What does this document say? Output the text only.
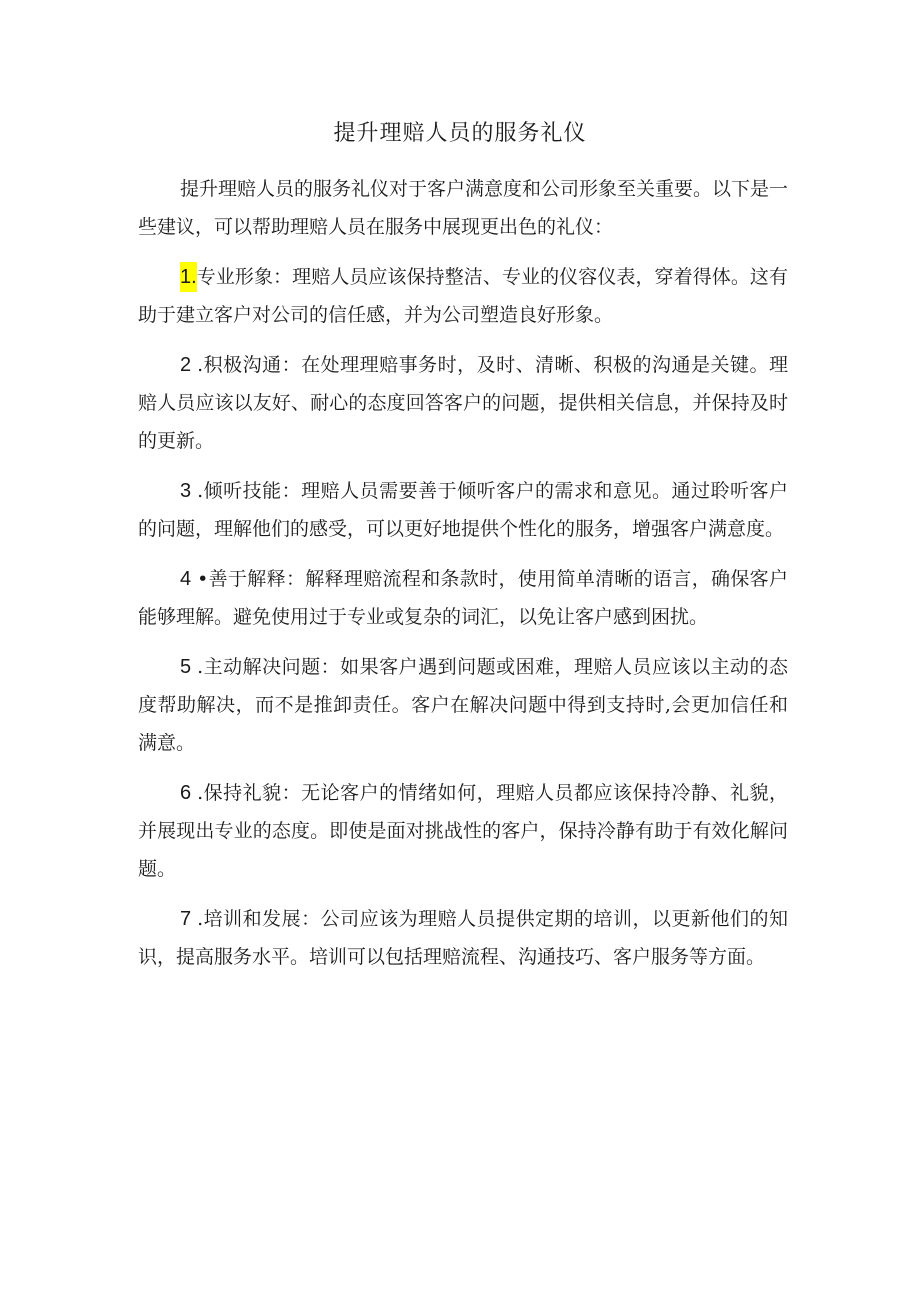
提升理赔人员的服务礼仪

提升理赔人员的服务礼仪对于客户满意度和公司形象至关重要。以下是一些建议，可以帮助理赔人员在服务中展现更出色的礼仪：

1.专业形象：理赔人员应该保持整洁、专业的仪容仪表，穿着得体。这有助于建立客户对公司的信任感，并为公司塑造良好形象。

2 .积极沟通：在处理理赔事务时，及时、清晰、积极的沟通是关键。理赔人员应该以友好、耐心的态度回答客户的问题，提供相关信息，并保持及时的更新。

3 .倾听技能：理赔人员需要善于倾听客户的需求和意见。通过聆听客户的问题，理解他们的感受，可以更好地提供个性化的服务，增强客户满意度。

4 •善于解释：解释理赔流程和条款时，使用简单清晰的语言，确保客户能够理解。避免使用过于专业或复杂的词汇，以免让客户感到困扰。

5 .主动解决问题：如果客户遇到问题或困难，理赔人员应该以主动的态度帮助解决，而不是推卸责任。客户在解决问题中得到支持时,会更加信任和满意。

6 .保持礼貌：无论客户的情绪如何，理赔人员都应该保持冷静、礼貌，并展现出专业的态度。即使是面对挑战性的客户，保持冷静有助于有效化解问题。

7 .培训和发展：公司应该为理赔人员提供定期的培训，以更新他们的知识，提高服务水平。培训可以包括理赔流程、沟通技巧、客户服务等方面。
